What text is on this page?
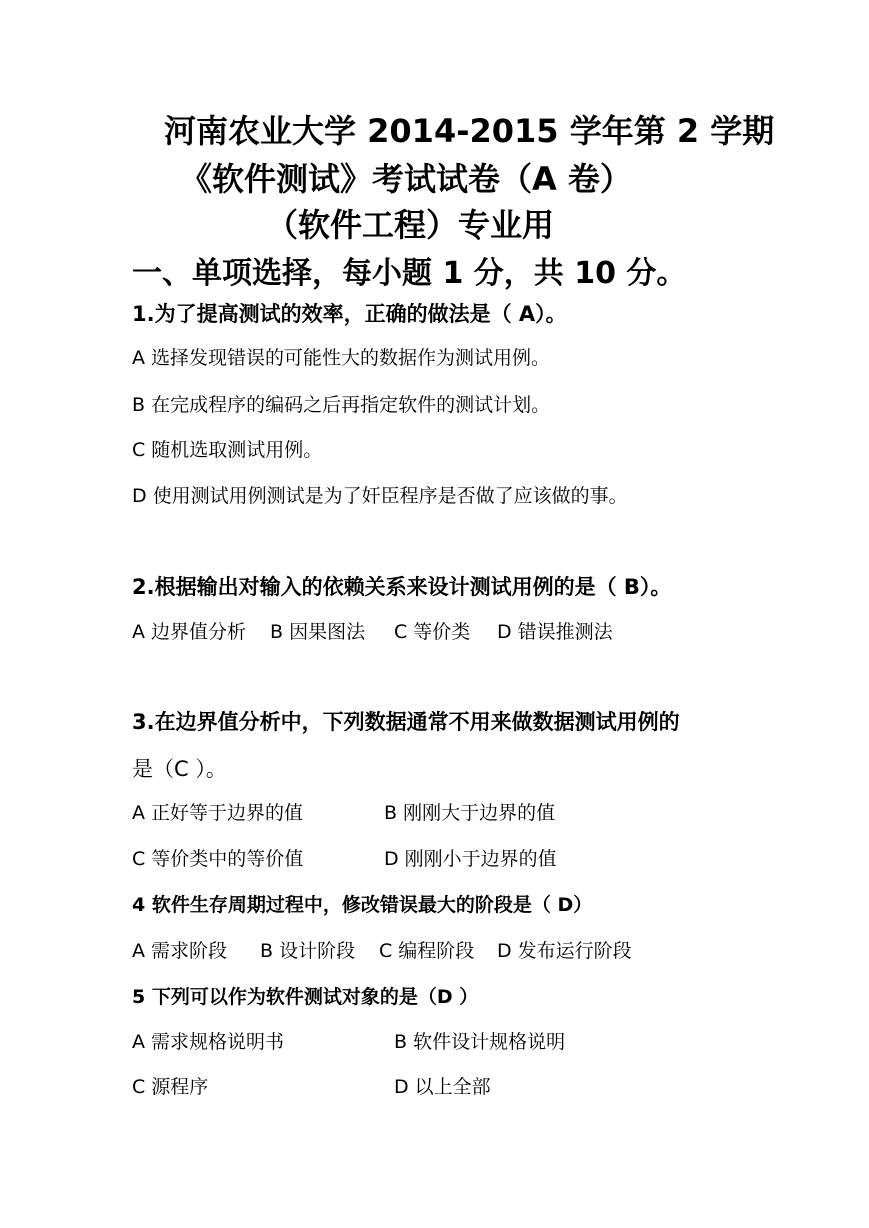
河南农业大学 2014-2015 学年第 2 学期
《软件测试》考试试卷（A 卷）
（软件工程）专业用
一、单项选择，每小题 1 分，共 10 分。
1.为了提高测试的效率，正确的做法是（ A）。
A 选择发现错误的可能性大的数据作为测试用例。
B 在完成程序的编码之后再指定软件的测试计划。
C 随机选取测试用例。
D 使用测试用例测试是为了奸臣程序是否做了应该做的事。
2.根据输出对输入的依赖关系来设计测试用例的是（ B）。
A 边界值分析 B 因果图法 C 等价类 D 错误推测法
3.在边界值分析中，下列数据通常不用来做数据测试用例的
是（C ）。
A 正好等于边界的值	B 刚刚大于边界的值
C 等价类中的等价值	D 刚刚小于边界的值
4 软件生存周期过程中，修改错误最大的阶段是（ D）
A 需求阶段 B 设计阶段 C 编程阶段 D 发布运行阶段
5 下列可以作为软件测试对象的是（D ）
A 需求规格说明书	B 软件设计规格说明
C 源程序	D 以上全部
